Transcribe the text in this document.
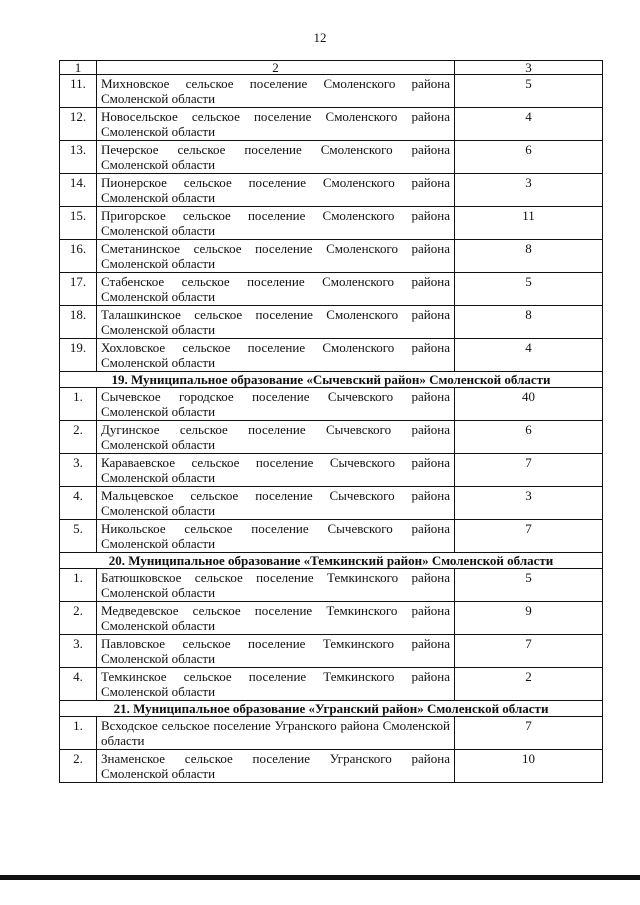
12
1	2	3
11.	Михновское сельское поселение Смоленского района Смоленской области	5
12.	Новосельское сельское поселение Смоленского района Смоленской области	4
13.	Печерское сельское поселение Смоленского района Смоленской области	6
14.	Пионерское сельское поселение Смоленского района Смоленской области	3
15.	Пригорское сельское поселение Смоленского района Смоленской области	11
16.	Сметанинское сельское поселение Смоленского района Смоленской области	8
17.	Стабенское сельское поселение Смоленского района Смоленской области	5
18.	Талашкинское сельское поселение Смоленского района Смоленской области	8
19.	Хохловское сельское поселение Смоленского района Смоленской области	4
19. Муниципальное образование «Сычевский район» Смоленской области		
1.	Сычевское городское поселение Сычевского района Смоленской области	40
2.	Дугинское сельское поселение Сычевского района Смоленской области	6
3.	Караваевское сельское поселение Сычевского района Смоленской области	7
4.	Мальцевское сельское поселение Сычевского района Смоленской области	3
5.	Никольское сельское поселение Сычевского района Смоленской области	7
20. Муниципальное образование «Темкинский район» Смоленской области		
1.	Батюшковское сельское поселение Темкинского района Смоленской области	5
2.	Медведевское сельское поселение Темкинского района Смоленской области	9
3.	Павловское сельское поселение Темкинского района Смоленской области	7
4.	Темкинское сельское поселение Темкинского района Смоленской области	2
21. Муниципальное образование «Угранский район» Смоленской области		
1.	Всходское сельское поселение Угранского района Смоленской области	7
2.	Знаменское сельское поселение Угранского района Смоленской области	10
